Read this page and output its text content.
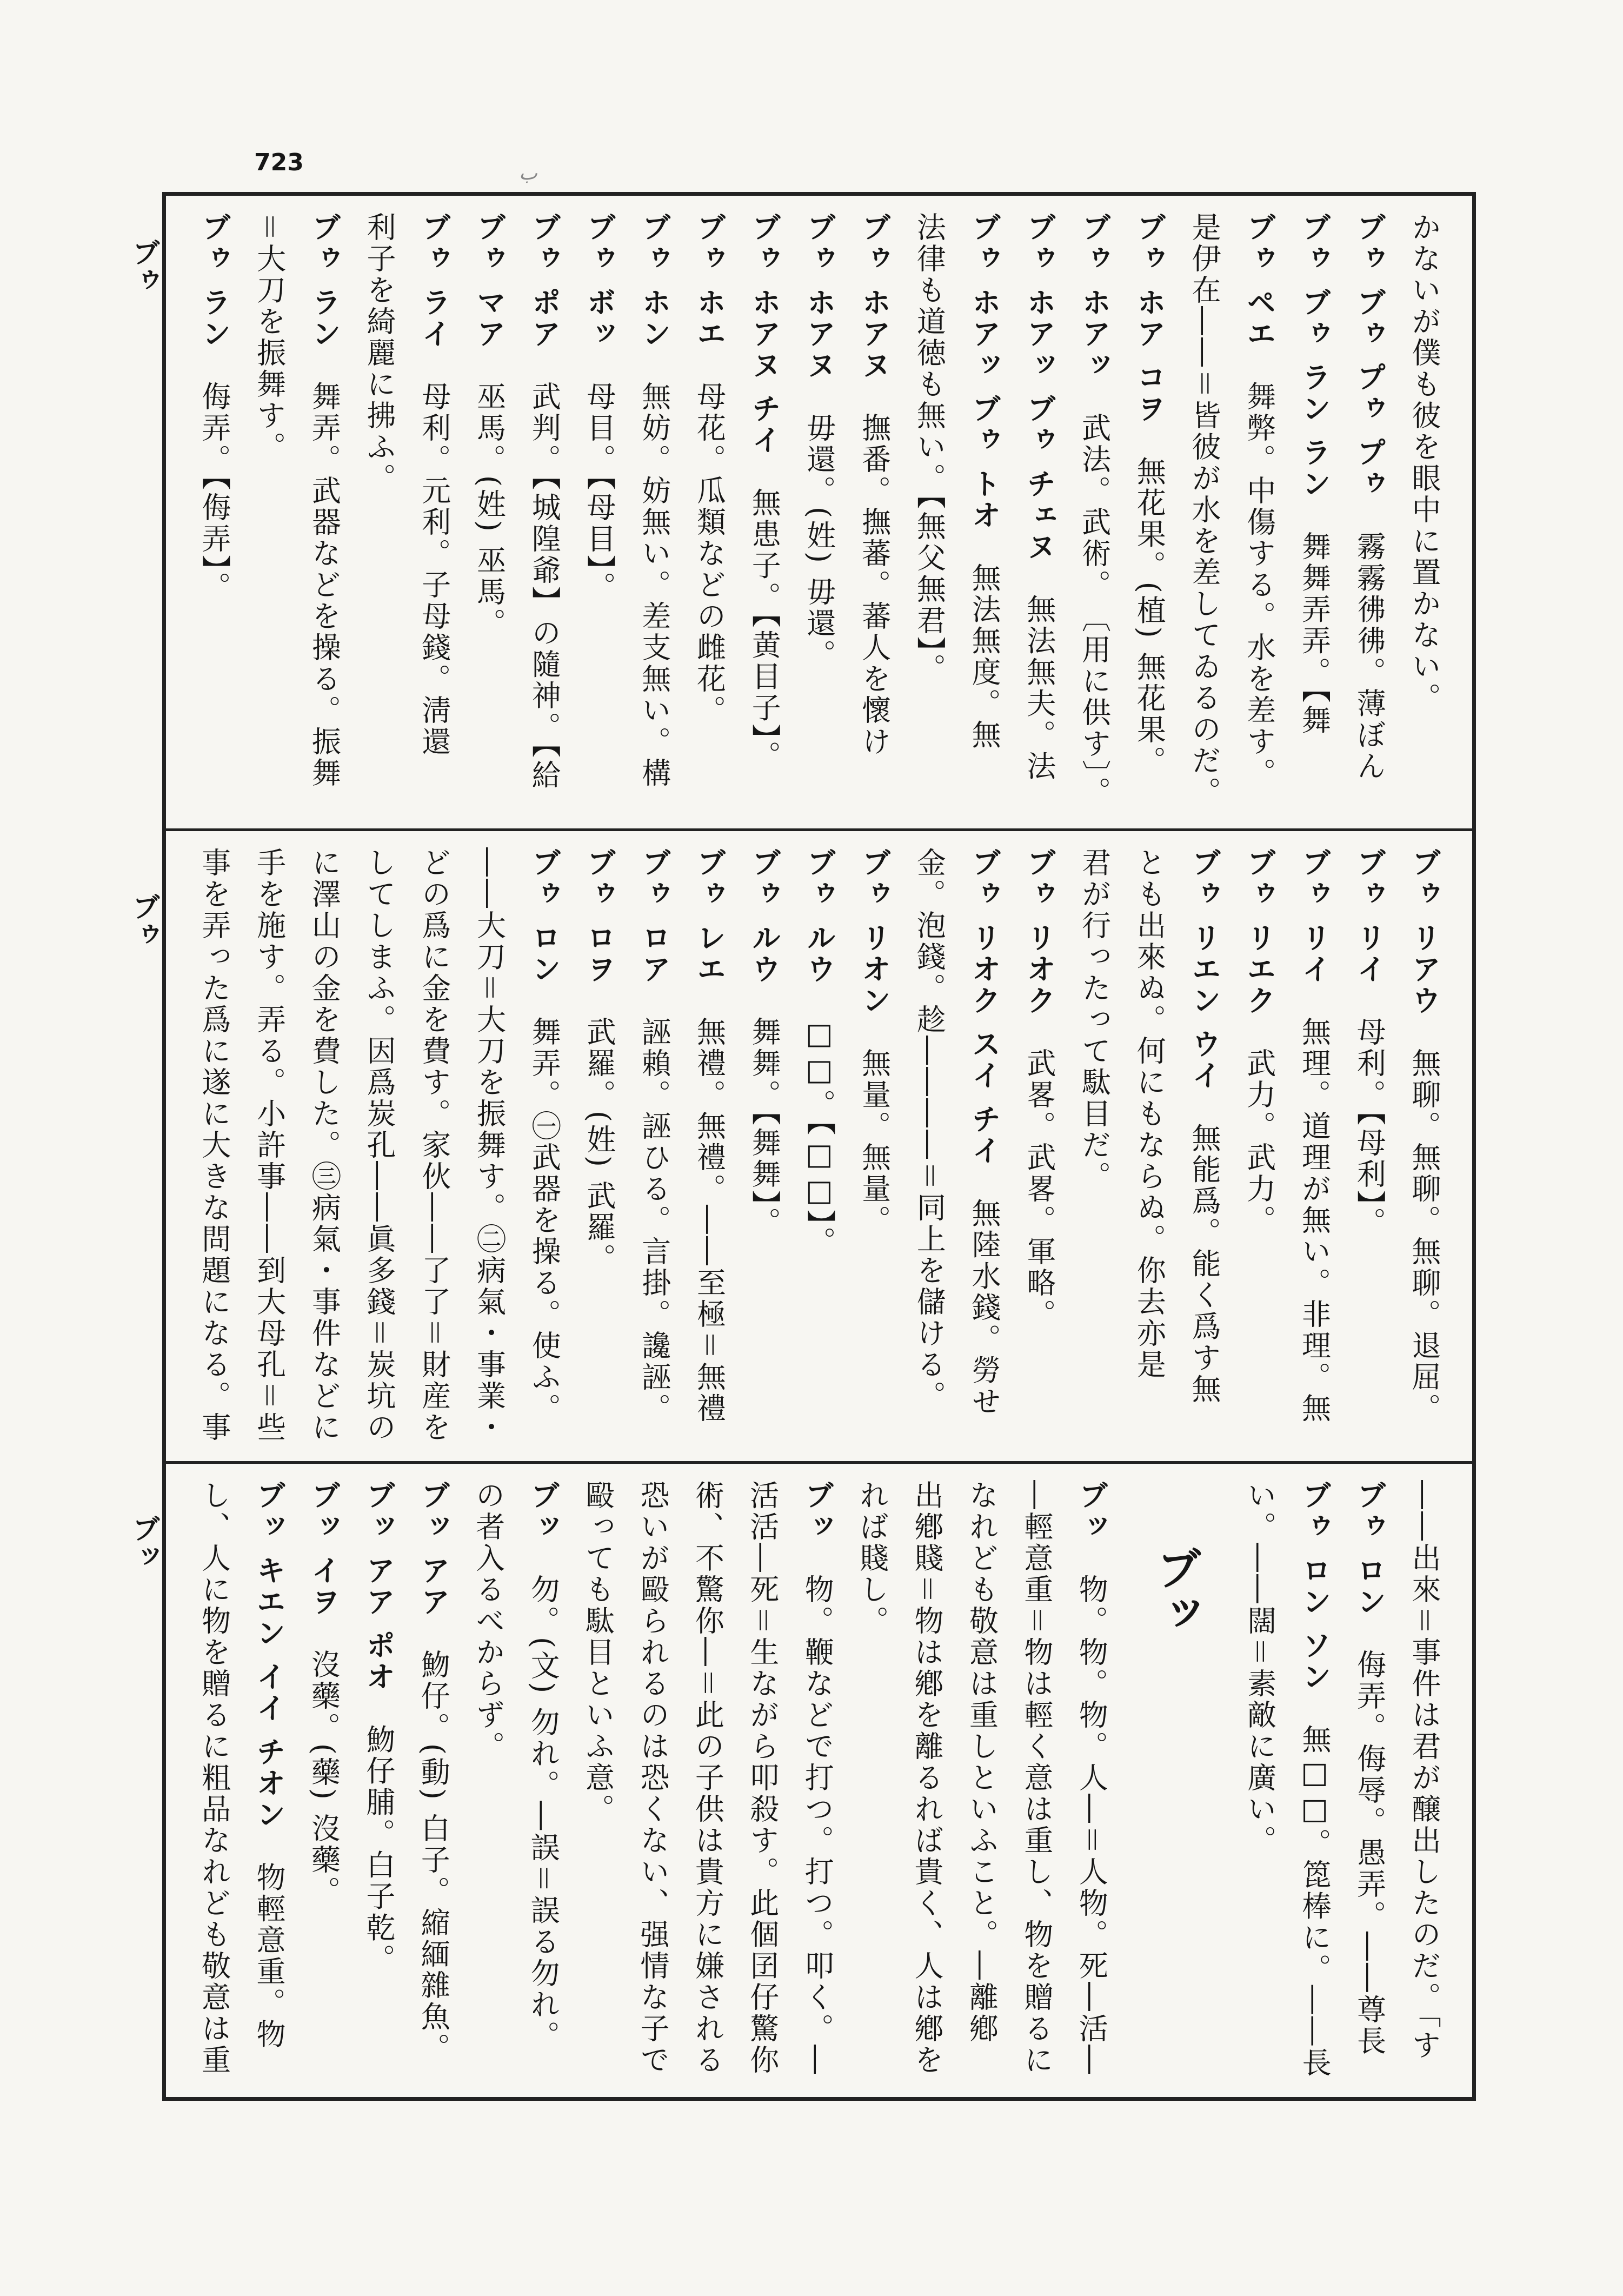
723	ب
ブゥ
ブゥ
ブッ
かないが僕も彼を眼中に置かない。
ブゥ ブゥ プゥ プゥ　霧霧彿彿。薄ぼん
ブゥ ブゥ ラン ラン　舞舞弄弄。【舞
ブゥ ペエ　舞弊。中傷する。水を差す。
是伊在――＝皆彼が水を差してゐるのだ。
ブゥ ホア コヲ　無花果。(植) 無花果。
ブゥ ホアッ　武法。武術。　〔用に供す〕。
ブゥ ホアッ ブゥ チェヌ　無法無夫。法
ブゥ ホアッ ブゥ トオ　無法無度。無
法律も道徳も無い。【無父無君】。
ブゥ ホアヌ　撫番。撫蕃。蕃人を懷け
ブゥ ホアヌ　毋還。(姓) 毋還。
ブゥ ホアヌ チイ　無患子。【黄目子】。
ブゥ ホエ　母花。瓜類などの雌花。
ブゥ ホン　無妨。妨無い。差支無い。構
ブゥ ボッ　母目。【母目】。
ブゥ ポア　武判。【城隍爺】の隨神。【給
ブゥ マア　巫馬。(姓) 巫馬。
ブゥ ライ　母利。元利。子母錢。淸還
利子を綺麗に拂ふ。
ブゥ ラン　舞弄。武器などを操る。振舞
＝大刀を振舞す。
ブゥ ラン　侮弄。【侮弄】。
ブゥ リアウ　無聊。無聊。無聊。退屈。
ブゥ リイ　母利。【母利】。
ブゥ リイ　無理。道理が無い。非理。無
ブゥ リエク　武力。武力。
ブゥ リエン ウイ　無能爲。能く爲す無
とも出來ぬ。何にもならぬ。你去亦是
君が行ったって駄目だ。
ブゥ リオク　武畧。武畧。軍略。
ブゥ リオク スイ チイ　無陸水錢。勞せ
金。泡錢。趁――――＝同上を儲ける。
ブゥ リオン　無量。無量。
ブゥ ルウ　□□。【□□】。
ブゥ ルウ　舞舞。【舞舞】。
ブゥ レエ　無禮。無禮。――至極＝無禮
ブゥ ロア　誣賴。誣ひる。言掛。讒誣。
ブゥ ロヲ　武羅。(姓) 武羅。
ブゥ ロン　舞弄。㊀武器を操る。使ふ。
――大刀＝大刀を振舞す。㊁病氣・事業・
どの爲に金を費す。家伙――了了＝財産を
してしまふ。因爲炭孔――眞多錢＝炭坑の
に澤山の金を費した。㊂病氣・事件などに
手を施す。弄る。小許事――到大母孔＝些
事を弄った爲に遂に大きな問題になる。事
――出來＝事件は君が醸出したのだ。「す
ブゥ ロン　侮弄。侮辱。愚弄。――尊長
ブゥ ロン ソン　無□□。箆棒に。――長
い。――闊＝素敵に廣い。
ブッ
ブッ　物。物。物。人―＝人物。死―活―
―輕意重＝物は輕く意は重し、物を贈るに
なれども敬意は重しといふこと。―離鄕
出鄕賤＝物は鄕を離るれば貴く、人は鄕を
れば賤し。
ブッ　物。鞭などで打つ。打つ。叩く。―
活活―死＝生ながら叩殺す。此個囝仔驚你
術、不驚你―＝此の子供は貴方に嫌される
恐いが毆られるのは恐くない、强情な子で
毆っても駄目といふ意。
ブッ　勿。(文) 勿れ。―誤＝誤る勿れ。
の者入るべからず。
ブッ アア　魩仔。(動) 白子。縮緬雜魚。
ブッ アア ポオ　魩仔脯。白子乾。
ブッ イヲ　沒藥。(藥) 沒藥。
ブッ キエン イイ チオン　物輕意重。物
し、人に物を贈るに粗品なれども敬意は重
